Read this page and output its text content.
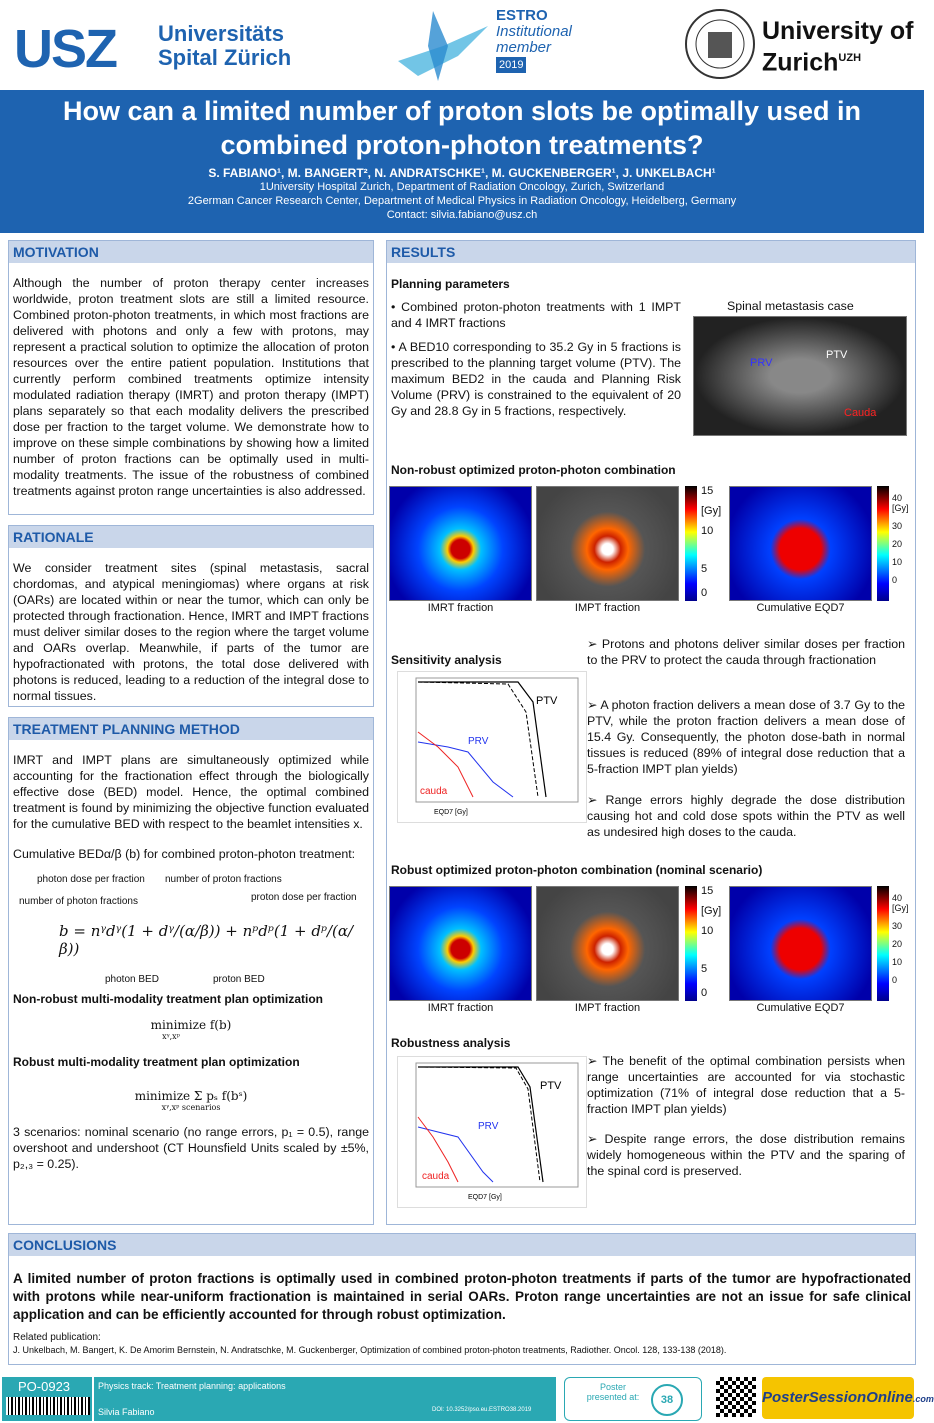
USZ Universitäts
Spital Zürich
ESTRO
Institutional
member
2019
University of
Zurich$^{UZH}$
How can a limited number of proton slots be optimally used in combined proton-photon treatments?
S. FABIANO¹, M. BANGERT², N. ANDRATSCHKE¹, M. GUCKENBERGER¹, J. UNKELBACH¹
1University Hospital Zurich, Department of Radiation Oncology, Zurich, Switzerland
2German Cancer Research Center, Department of Medical Physics in Radiation Oncology, Heidelberg, Germany
Contact: silvia.fabiano@usz.ch
MOTIVATION
Although the number of proton therapy center increases worldwide, proton treatment slots are still a limited resource. Combined proton-photon treatments, in which most fractions are delivered with photons and only a few with protons, may represent a practical solution to optimize the allocation of proton resources over the entire patient population. Institutions that currently perform combined treatments optimize intensity modulated radiation therapy (IMRT) and proton therapy (IMPT) plans separately so that each modality delivers the prescribed dose per fraction to the target volume. We demonstrate how to improve on these simple combinations by showing how a limited number of proton fractions can be optimally used in multi-modality treatments. The issue of the robustness of combined treatments against proton range uncertainties is also addressed.
RATIONALE
We consider treatment sites (spinal metastasis, sacral chordomas, and atypical meningiomas) where organs at risk (OARs) are located within or near the tumor, which can only be protected through fractionation. Hence, IMRT and IMPT fractions must deliver similar doses to the region where the target volume and OARs overlap. Meanwhile, if parts of the tumor are hypofractionated with protons, the total dose delivered with photons is reduced, leading to a reduction of the integral dose to normal tissues.
TREATMENT PLANNING METHOD
IMRT and IMPT plans are simultaneously optimized while accounting for the fractionation effect through the biologically effective dose (BED) model. Hence, the optimal combined treatment is found by minimizing the objective function evaluated for the cumulative BED with respect to the beamlet intensities x.
Cumulative BEDα/β (b) for combined proton-photon treatment:
photon dose per fraction number of proton fractions
proton dose per fraction
number of photon fractions
b = nᵞdᵞ(1 + dᵞ/(α/β)) + nᵖdᵖ(1 + dᵖ/(α/β))
photon BED	proton BED
Non-robust multi-modality treatment plan optimization
minimize f(b)
xᵞ,xᵖ
Robust multi-modality treatment plan optimization
minimize Σ pₛ f(bˢ)
xᵞ,xᵖ scenarios
3 scenarios: nominal scenario (no range errors, p₁ = 0.5), range overshoot and undershoot (CT Hounsfield Units scaled by ±5%, p₂,₃ = 0.25).
RESULTS
Planning parameters
• Combined proton-photon treatments with 1 IMPT and 4 IMRT fractions
• A BED10 corresponding to 35.2 Gy in 5 fractions is prescribed to the planning target volume (PTV). The maximum BED2 in the cauda and Planning Risk Volume (PRV) is constrained to the equivalent of 20 Gy and 28.8 Gy in 5 fractions, respectively.
Spinal metastasis case
PRV
PTV
Cauda
Non-robust optimized proton-photon combination
15
[Gy]
10
5
0
40
[Gy]
30
20
10
0
IMRT fraction	IMPT fraction	Cumulative EQD7
Sensitivity analysis
EQD7 [Gy]
PTV
PRV
cauda
➢ Protons and photons deliver similar doses per fraction to the PRV to protect the cauda through fractionation
➢ A photon fraction delivers a mean dose of 3.7 Gy to the PTV, while the proton fraction delivers a mean dose of 15.4 Gy. Consequently, the photon dose-bath in normal tissues is reduced (89% of integral dose reduction that a 5-fraction IMPT plan yields)
➢ Range errors highly degrade the dose distribution causing hot and cold dose spots within the PTV as well as undesired high doses to the cauda.
Robust optimized proton-photon combination (nominal scenario)
15
[Gy]
10
5
0
40
[Gy]
30
20
10
0
IMRT fraction	IMPT fraction	Cumulative EQD7
Robustness analysis
EQD7 [Gy]
PTV
PRV
cauda
➢ The benefit of the optimal combination persists when range uncertainties are accounted for via stochastic optimization (71% of integral dose reduction that a 5-fraction IMPT plan yields)
➢ Despite range errors, the dose distribution remains widely homogeneous within the PTV and the sparing of the spinal cord is preserved.
CONCLUSIONS
A limited number of proton fractions is optimally used in combined proton-photon treatments if parts of the tumor are hypofractionated with protons while near-uniform fractionation is maintained in serial OARs. Proton range uncertainties are not an issue for safe clinical application and can be efficiently accounted for through robust optimization.
Related publication:
J. Unkelbach, M. Bangert, K. De Amorim Bernstein, N. Andratschke, M. Guckenberger, Optimization of combined proton-photon treatments, Radiother. Oncol. 128, 133-138 (2018).
PO-0923	Physics track: Treatment planning: applications
Silvia Fabiano	DOI: 10.3252/pso.eu.ESTRO38.2019
Poster
presented at:	38	PosterSessionOnline.com
